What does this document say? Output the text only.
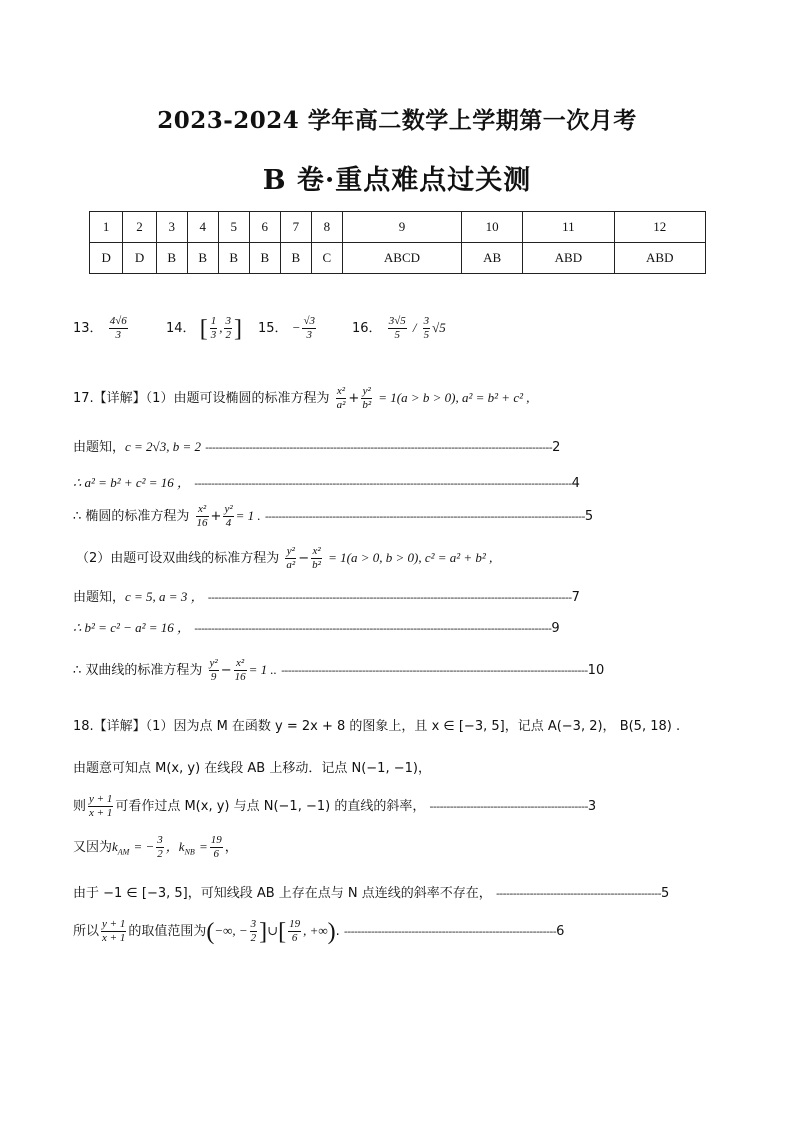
2023-2024 学年高二数学上学期第一次月考
B 卷·重点难点过关测
1	2	3	4	5	6	7	8	9	10	11	12
D	D	B	B	B	B	B	C	ABCD	AB	ABD	ABD
13． $\frac{4√6}{3}$	14． [ $\frac{1}{3}$ , $\frac{3}{2}$ ] 15． − $\frac{√3}{3}$	16． $\frac{3√5}{5} / \frac{3}{5} √5$
17.【详解】（1）由题可设椭圆的标准方程为 $\frac{\text{x²}}{\text{a²}} + \frac{\text{y²}}{\text{b²}} = 1(a > b > 0)$, a² = b² + c² ,
由题知，c = 2√3, b = 2 -------------------------------------------------------------------------------------------------------2
∴ a² = b² + c² = 16 ， ----------------------------------------------------------------------------------------------------------------4
∴ 椭圆的标准方程为 $\frac{\text{x²}}{16} + \frac{\text{y²}}{4} = 1$ . -----------------------------------------------------------------------------------------------5
（2）由题可设双曲线的标准方程为 $\frac{\text{y²}}{\text{a²}} - \frac{\text{x²}}{\text{b²}} = 1(a > 0$, b > 0), c² = a² + b² ,
由题知，c = 5, a = 3 ， ------------------------------------------------------------------------------------------------------------7
∴ b² = c² − a² = 16 ， ----------------------------------------------------------------------------------------------------------9
∴ 双曲线的标准方程为 $\frac{\text{y²}}{9} - \frac{\text{x²}}{16} = 1$ .. -------------------------------------------------------------------------------------------10
18.【详解】（1）因为点 M 在函数 y = 2x + 8 的图象上，且 x ∈ [−3, 5]，记点 A(−3, 2)， B(5, 18) .
由题意可知点 M(x, y) 在线段 AB 上移动．记点 N(−1, −1)，
则 $\frac{y + 1}{x + 1}$ 可看作过点 M(x, y) 与点 N(−1, −1) 的直线的斜率， -----------------------------------------------3
又因为$k_{AM}$ = − $\frac{3}{2}$ ，$k_{NB} = \frac{19}{6}$ ，
由于 −1 ∈ [−3, 5]，可知线段 AB 上存在点与 N 点连线的斜率不存在， -------------------------------------------------5
所以 $\frac{y + 1}{x + 1}$ 的取值范围为(−∞, − $\frac{3}{2}$ ]∪[ $\frac{19}{6}$ , +∞). ---------------------------------------------------------------6
